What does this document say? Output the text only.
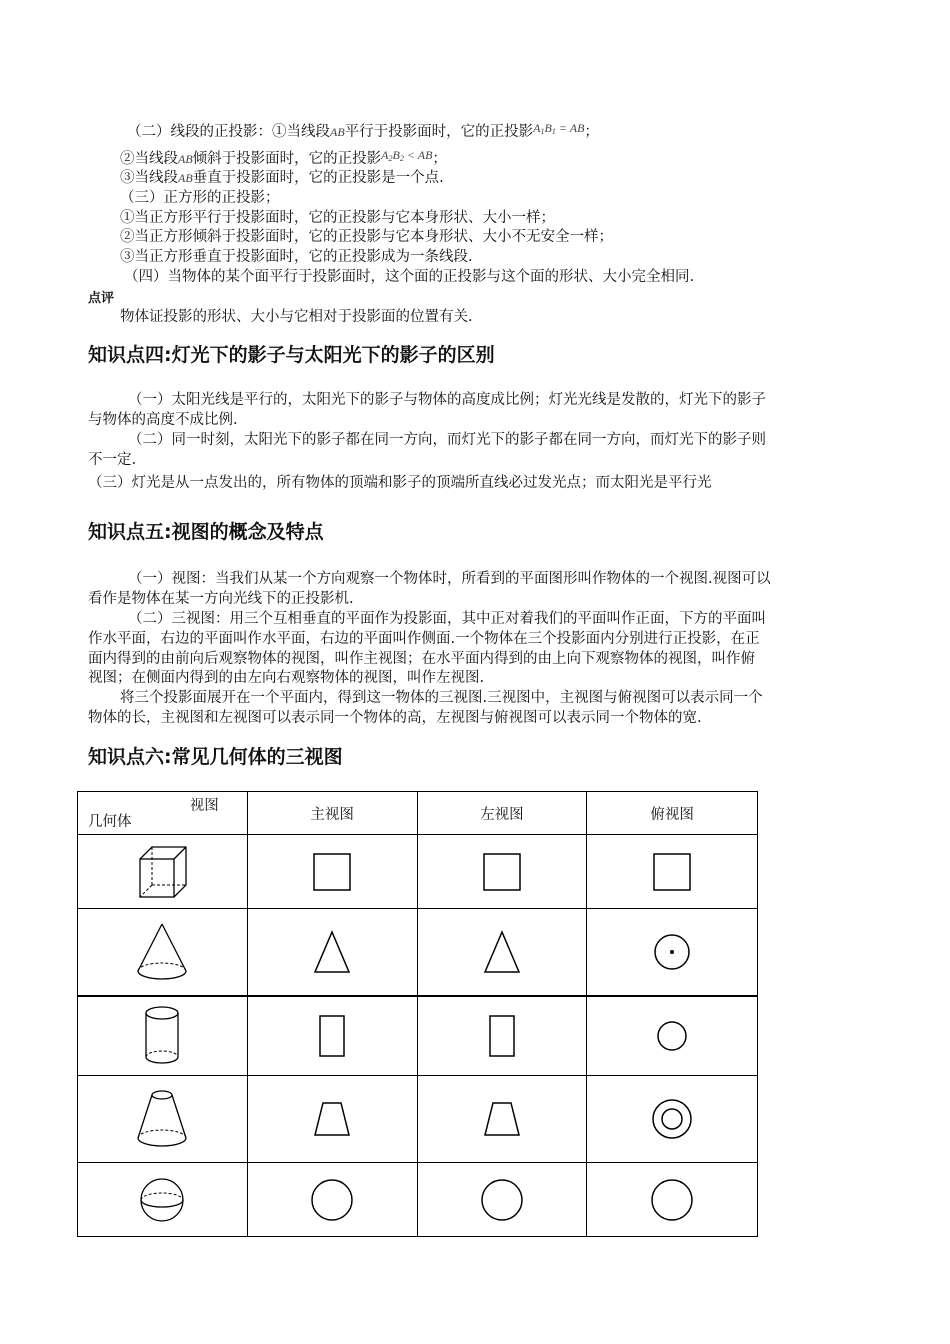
（二）线段的正投影：①当线段AB平行于投影面时，它的正投影$^{A_1B_1 = AB}$；
②当线段AB倾斜于投影面时，它的正投影$^{A_2B_2 < AB}$；
③当线段AB垂直于投影面时，它的正投影是一个点.
（三）正方形的正投影；
①当正方形平行于投影面时，它的正投影与它本身形状、大小一样；
②当正方形倾斜于投影面时，它的正投影与它本身形状、大小不无安全一样；
③当正方形垂直于投影面时，它的正投影成为一条线段.
（四）当物体的某个面平行于投影面时，这个面的正投影与这个面的形状、大小完全相同.
点评
物体证投影的形状、大小与它相对于投影面的位置有关.
知识点四:灯光下的影子与太阳光下的影子的区别
（一）太阳光线是平行的，太阳光下的影子与物体的高度成比例；灯光光线是发散的，灯光下的影子
与物体的高度不成比例.
（二）同一时刻，太阳光下的影子都在同一方向，而灯光下的影子都在同一方向，而灯光下的影子则
不一定.
（三）灯光是从一点发出的，所有物体的顶端和影子的顶端所直线必过发光点；而太阳光是平行光
知识点五:视图的概念及特点
（一）视图：当我们从某一个方向观察一个物体时，所看到的平面图形叫作物体的一个视图.视图可以
看作是物体在某一方向光线下的正投影机.
（二）三视图：用三个互相垂直的平面作为投影面，其中正对着我们的平面叫作正面，下方的平面叫
作水平面，右边的平面叫作水平面，右边的平面叫作侧面.一个物体在三个投影面内分别进行正投影，在正
面内得到的由前向后观察物体的视图，叫作主视图；在水平面内得到的由上向下观察物体的视图，叫作俯
视图；在侧面内得到的由左向右观察物体的视图，叫作左视图.
将三个投影面展开在一个平面内，得到这一物体的三视图.三视图中，主视图与俯视图可以表示同一个
物体的长，主视图和左视图可以表示同一个物体的高，左视图与俯视图可以表示同一个物体的宽.
知识点六:常见几何体的三视图
视图
几何体	主视图	左视图	俯视图
